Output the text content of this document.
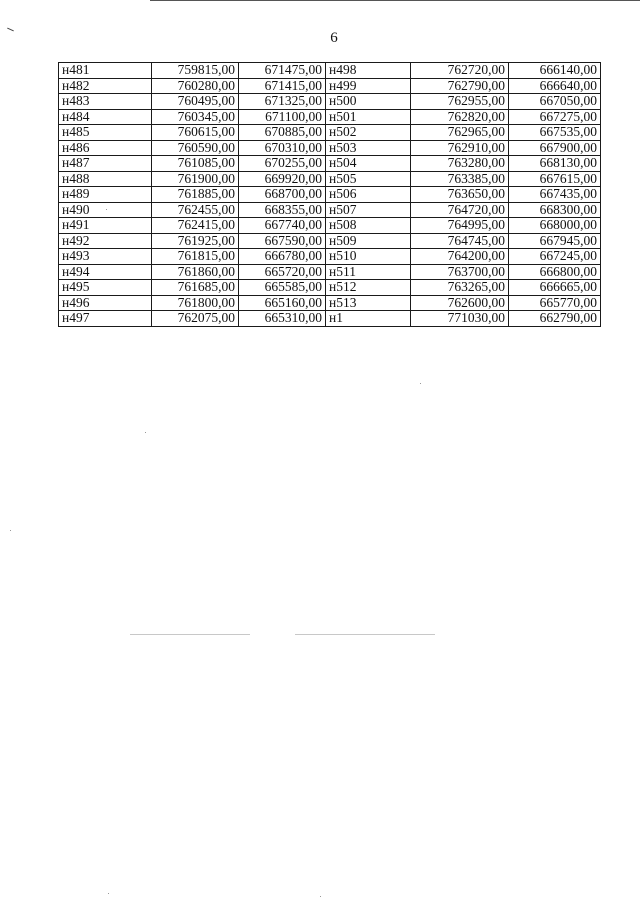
6
н481	759815,00	671475,00	н498	762720,00	666140,00
н482	760280,00	671415,00	н499	762790,00	666640,00
н483	760495,00	671325,00	н500	762955,00	667050,00
н484	760345,00	671100,00	н501	762820,00	667275,00
н485	760615,00	670885,00	н502	762965,00	667535,00
н486	760590,00	670310,00	н503	762910,00	667900,00
н487	761085,00	670255,00	н504	763280,00	668130,00
н488	761900,00	669920,00	н505	763385,00	667615,00
н489	761885,00	668700,00	н506	763650,00	667435,00
н490	762455,00	668355,00	н507	764720,00	668300,00
н491	762415,00	667740,00	н508	764995,00	668000,00
н492	761925,00	667590,00	н509	764745,00	667945,00
н493	761815,00	666780,00	н510	764200,00	667245,00
н494	761860,00	665720,00	н511	763700,00	666800,00
н495	761685,00	665585,00	н512	763265,00	666665,00
н496	761800,00	665160,00	н513	762600,00	665770,00
н497	762075,00	665310,00	н1	771030,00	662790,00
